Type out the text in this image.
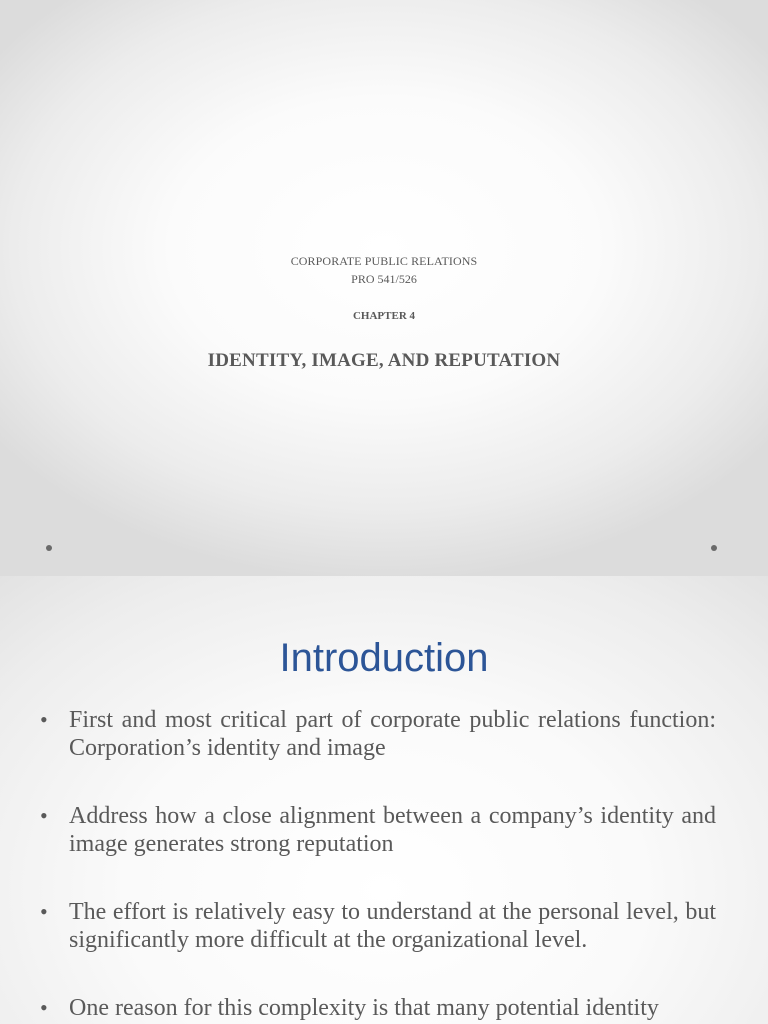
CORPORATE PUBLIC RELATIONS
PRO 541/526
CHAPTER 4
IDENTITY, IMAGE, AND REPUTATION
Introduction
• First and most critical part of corporate public relations function: Corporation’s identity and image
• Address how a close alignment between a company’s identity and image generates strong reputation
• The effort is relatively easy to understand at the personal level, but significantly more difficult at the organizational level.
• One reason for this complexity is that many potential identity
